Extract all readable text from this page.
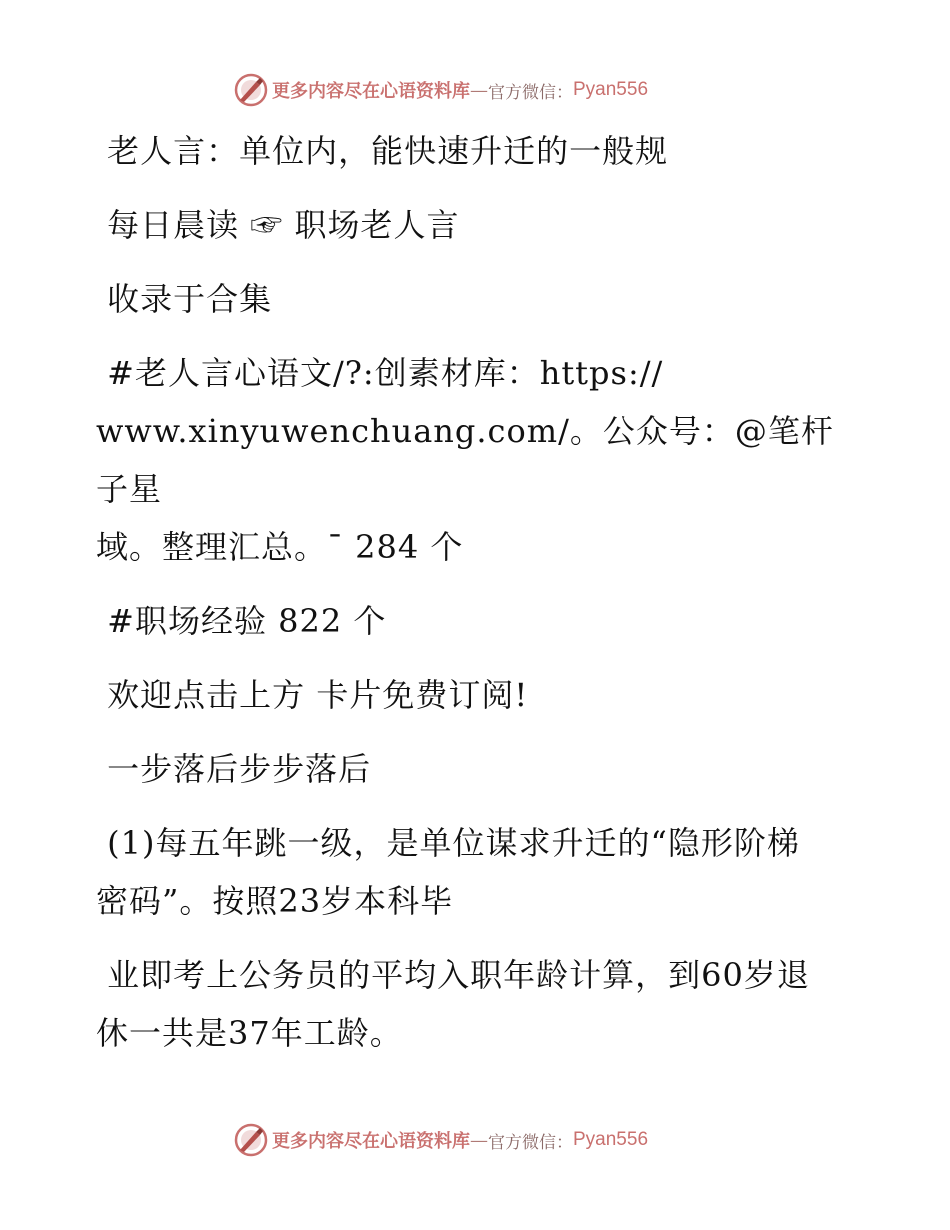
更多内容尽在心语资料库 — 官方微信： Pyan556

老人言：单位内，能快速升迁的一般规

每日晨读 ☞ 职场老人言

收录于合集

#老人言心语文/?:创素材库：https://

www.xinyuwenchuang.com/。公众号：@笔杆子星

域。整理汇总。¯ 284 个

#职场经验 822 个

欢迎点击上方 卡片免费订阅!

一步落后步步落后

(1)每五年跳一级，是单位谋求升迁的“隐形阶梯

密码”。按照23岁本科毕

业即考上公务员的平均入职年龄计算，到60岁退

休一共是37年工龄。

更多内容尽在心语资料库 — 官方微信： Pyan556
